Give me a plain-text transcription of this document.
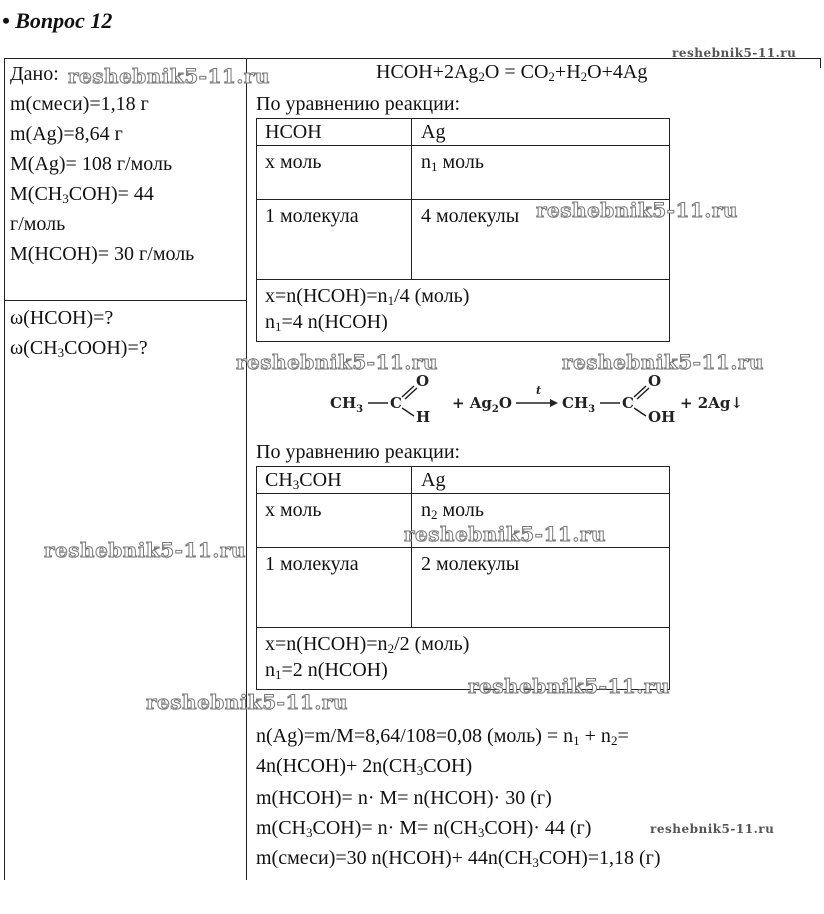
• Вопрос 12
Дано:
m(смеси)=1,18 г
m(Ag)=8,64 г
M(Ag)= 108 г/моль
$M(CH_3COH)= 44$
г/моль
M(HCOH)= 30 г/моль
ω(HCOH)=?
$\omega(CH_3COOH)=$?
$HCOH+2Ag_2O = CO_2+H_2O+4Ag$
По уравнению реакции:
HCOH	Ag
x моль	$n_1$ моль
1 молекула	4 молекулы
$x=n(HCOH)=n_1/4$ (моль)
$n_1=4$ n(HCOH)
$CH_3$ C
O
H
+ $Ag_2O$
t
$CH_3$ C
O
OH
+ 2Ag↓
По уравнению реакции:
$CH_3COH$	Ag
x моль	$n_2$ моль
1 молекула	2 молекулы
$x=n(HCOH)=n_2/2$ (моль)
$n_1=2$ n(HCOH)
n(Ag)=m/M=8,64/108=0,08 (моль) = $n_1 + n_2=$
4n(HCOH)+ $2n(CH_3COH)$
m(HCOH)= n· M= n(HCOH)· 30 (г)
$m(CH_3COH)= n\cdot M= n(CH_3COH)\cdot 44$ (г)
m(смеси)=30 n(HCOH)+ $44n(CH_3COH)=1,18$ (г)
reshebnik5-11.ru
reshebnik5-11.ru
reshebnik5-11.ru
reshebnik5-11.ru	reshebnik5-11.ru
reshebnik5-11.ru
reshebnik5-11.ru
reshebnik5-11.ru
reshebnik5-11.ru
reshebnik5-11.ru
